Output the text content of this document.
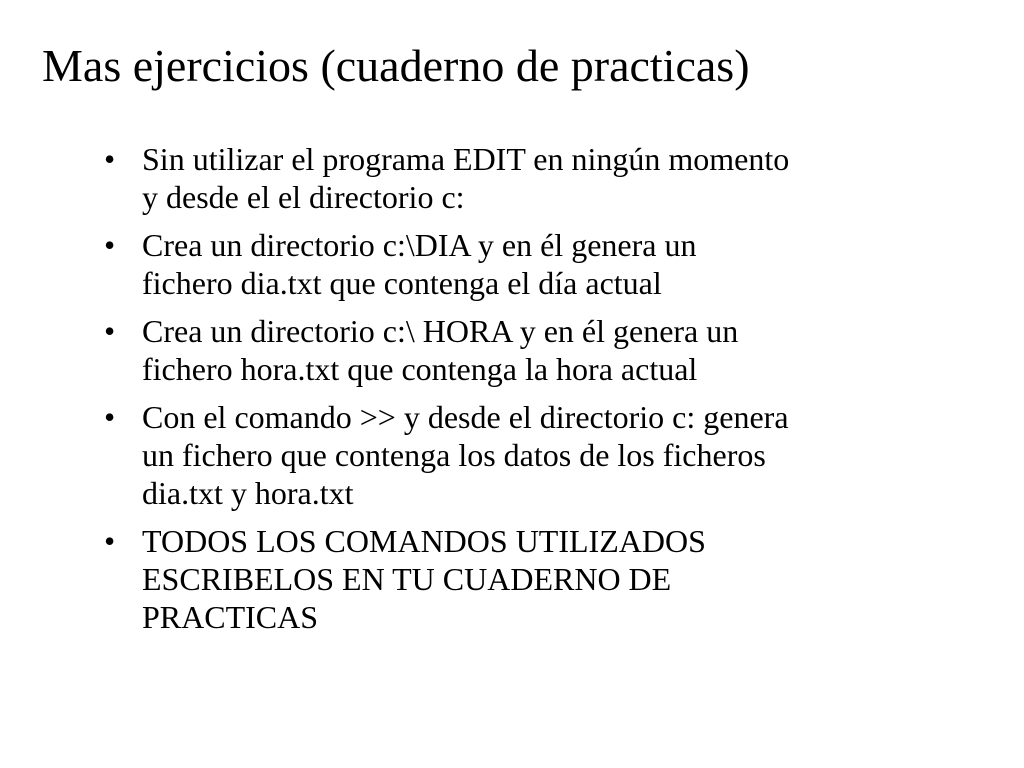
Mas ejercicios (cuaderno de practicas)
• Sin utilizar el programa EDIT en ningún momento
y desde el el directorio c:
• Crea un directorio c:\DIA y en él genera un
fichero dia.txt que contenga el día actual
• Crea un directorio c:\ HORA y en él genera un
fichero hora.txt que contenga la hora actual
• Con el comando >> y desde el directorio c: genera
un fichero que contenga los datos de los ficheros
dia.txt y hora.txt
• TODOS LOS COMANDOS UTILIZADOS
ESCRIBELOS EN TU CUADERNO DE
PRACTICAS
